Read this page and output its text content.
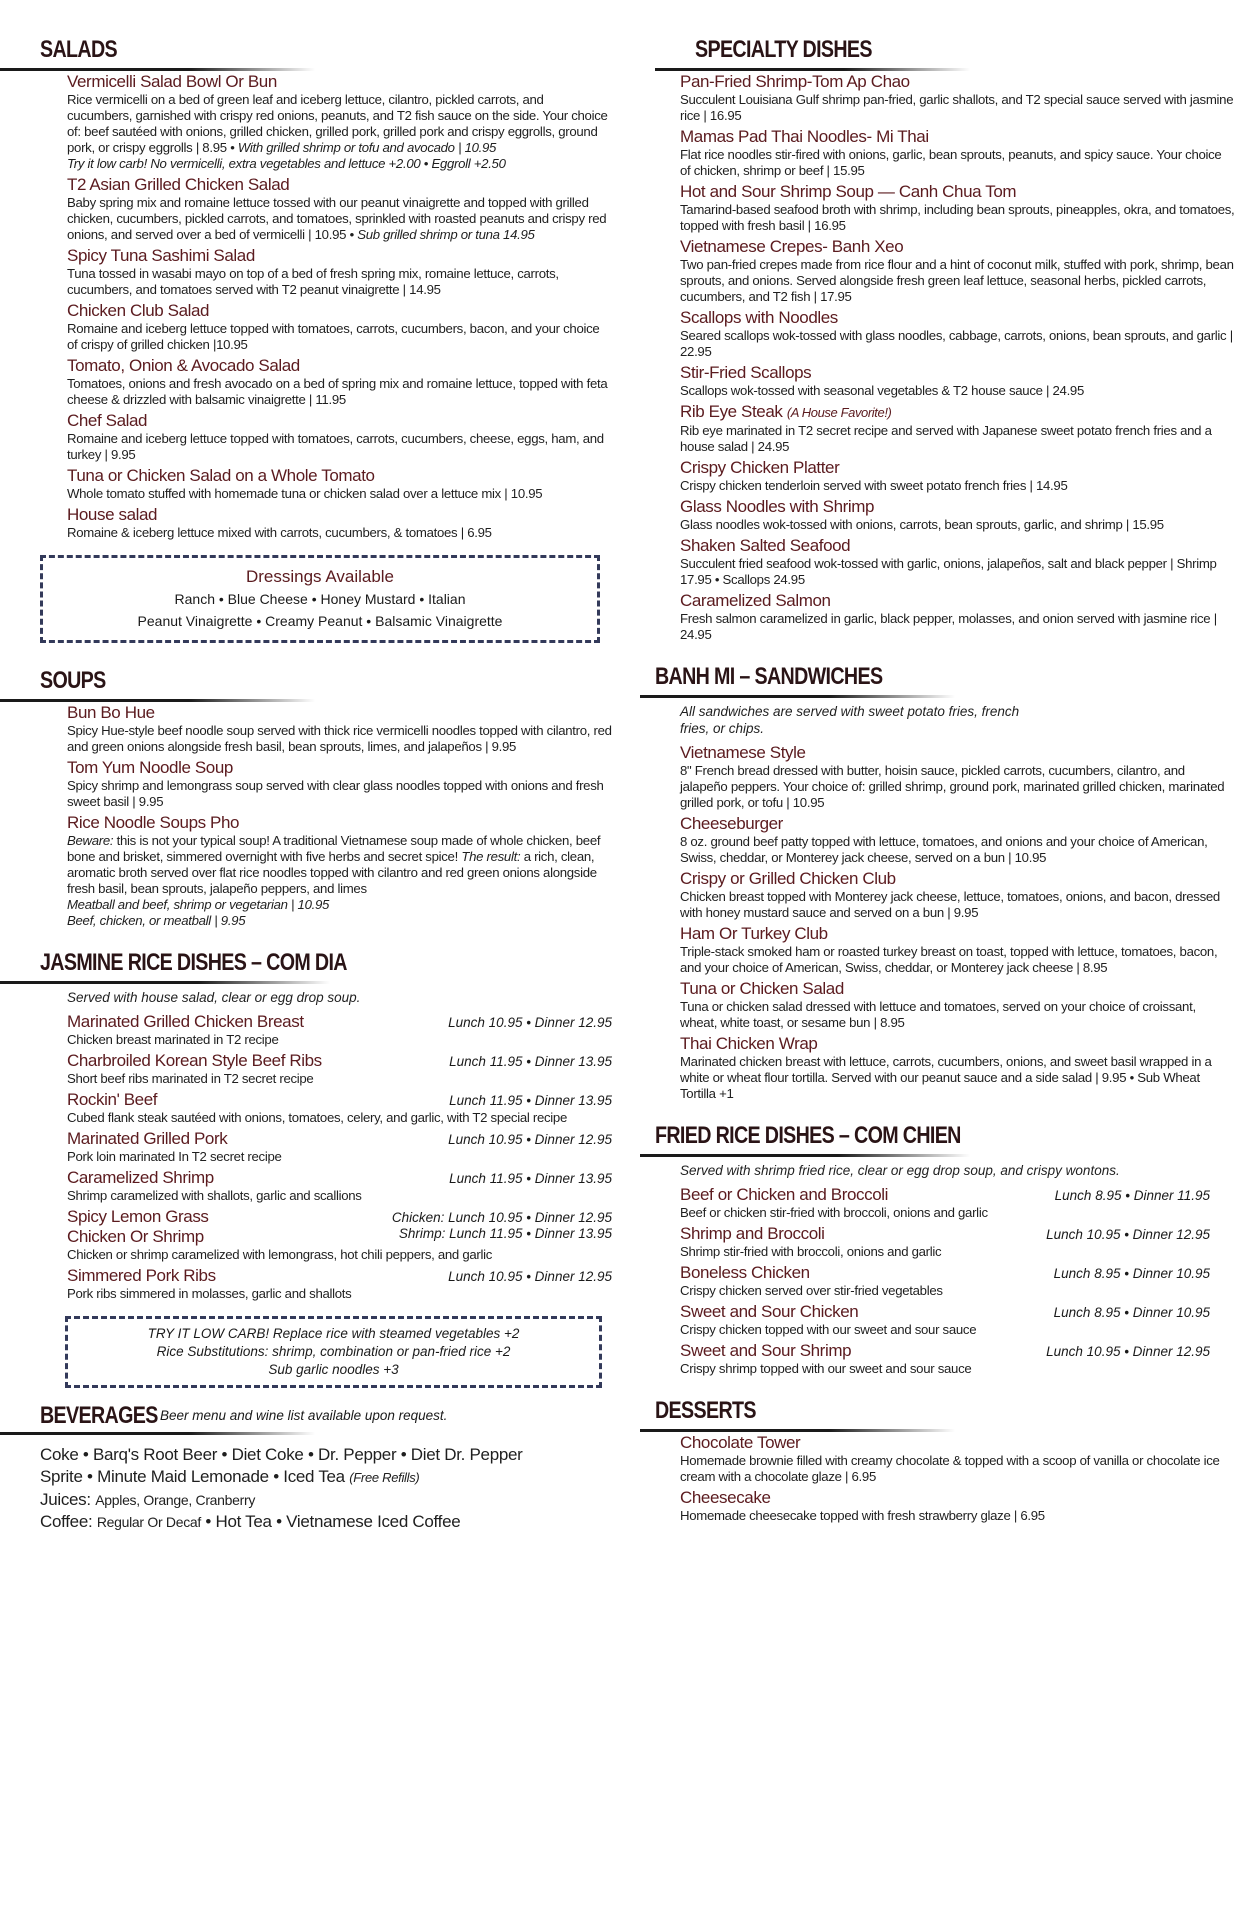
SALADS
Vermicelli Salad Bowl Or Bun
Rice vermicelli on a bed of green leaf and iceberg lettuce, cilantro, pickled carrots, and cucumbers, garnished with crispy red onions, peanuts, and T2 fish sauce on the side. Your choice of: beef sautéed with onions, grilled chicken, grilled pork, grilled pork and crispy eggrolls, ground pork, or crispy eggrolls | 8.95 • With grilled shrimp or tofu and avocado | 10.95
Try it low carb! No vermicelli, extra vegetables and lettuce +2.00 • Eggroll +2.50
T2 Asian Grilled Chicken Salad
Baby spring mix and romaine lettuce tossed with our peanut vinaigrette and topped with grilled chicken, cucumbers, pickled carrots, and tomatoes, sprinkled with roasted peanuts and crispy red onions, and served over a bed of vermicelli | 10.95 • Sub grilled shrimp or tuna 14.95
Spicy Tuna Sashimi Salad
Tuna tossed in wasabi mayo on top of a bed of fresh spring mix, romaine lettuce, carrots, cucumbers, and tomatoes served with T2 peanut vinaigrette | 14.95
Chicken Club Salad
Romaine and iceberg lettuce topped with tomatoes, carrots, cucumbers, bacon, and your choice of crispy of grilled chicken |10.95
Tomato, Onion & Avocado Salad
Tomatoes, onions and fresh avocado on a bed of spring mix and romaine lettuce, topped with feta cheese & drizzled with balsamic vinaigrette | 11.95
Chef Salad
Romaine and iceberg lettuce topped with tomatoes, carrots, cucumbers, cheese, eggs, ham, and turkey | 9.95
Tuna or Chicken Salad on a Whole Tomato
Whole tomato stuffed with homemade tuna or chicken salad over a lettuce mix | 10.95
House salad
Romaine & iceberg lettuce mixed with carrots, cucumbers, & tomatoes | 6.95
Dressings Available
Ranch • Blue Cheese • Honey Mustard • Italian
Peanut Vinaigrette • Creamy Peanut • Balsamic Vinaigrette
SOUPS
Bun Bo Hue
Spicy Hue-style beef noodle soup served with thick rice vermicelli noodles topped with cilantro, red and green onions alongside fresh basil, bean sprouts, limes, and jalapeños | 9.95
Tom Yum Noodle Soup
Spicy shrimp and lemongrass soup served with clear glass noodles topped with onions and fresh sweet basil | 9.95
Rice Noodle Soups Pho
Beware: this is not your typical soup! A traditional Vietnamese soup made of whole chicken, beef bone and brisket, simmered overnight with five herbs and secret spice! The result: a rich, clean, aromatic broth served over flat rice noodles topped with cilantro and red green onions alongside fresh basil, bean sprouts, jalapeño peppers, and limes
Meatball and beef, shrimp or vegetarian | 10.95
Beef, chicken, or meatball | 9.95
JASMINE RICE DISHES – COM DIA
Served with house salad, clear or egg drop soup.
Marinated Grilled Chicken Breast	Lunch 10.95 • Dinner 12.95
Chicken breast marinated in T2 recipe
Charbroiled Korean Style Beef Ribs	Lunch 11.95 • Dinner 13.95
Short beef ribs marinated in T2 secret recipe
Rockin' Beef	Lunch 11.95 • Dinner 13.95
Cubed flank steak sautéed with onions, tomatoes, celery, and garlic, with T2 special recipe
Marinated Grilled Pork	Lunch 10.95 • Dinner 12.95
Pork loin marinated In T2 secret recipe
Caramelized Shrimp	Lunch 11.95 • Dinner 13.95
Shrimp caramelized with shallots, garlic and scallions
Spicy Lemon Grass
Chicken Or Shrimp
Chicken: Lunch 10.95 • Dinner 12.95
Shrimp: Lunch 11.95 • Dinner 13.95
Chicken or shrimp caramelized with lemongrass, hot chili peppers, and garlic
Simmered Pork Ribs	Lunch 10.95 • Dinner 12.95
Pork ribs simmered in molasses, garlic and shallots
TRY IT LOW CARB! Replace rice with steamed vegetables +2
Rice Substitutions: shrimp, combination or pan-fried rice +2
Sub garlic noodles +3
BEVERAGES Beer menu and wine list available upon request.
Coke • Barq's Root Beer • Diet Coke • Dr. Pepper • Diet Dr. Pepper
Sprite • Minute Maid Lemonade • Iced Tea (Free Refills)
Juices: Apples, Orange, Cranberry
Coffee: Regular Or Decaf • Hot Tea • Vietnamese Iced Coffee
SPECIALTY DISHES
Pan-Fried Shrimp-Tom Ap Chao
Succulent Louisiana Gulf shrimp pan-fried, garlic shallots, and T2 special sauce served with jasmine rice | 16.95
Mamas Pad Thai Noodles- Mi Thai
Flat rice noodles stir-fired with onions, garlic, bean sprouts, peanuts, and spicy sauce. Your choice of chicken, shrimp or beef | 15.95
Hot and Sour Shrimp Soup — Canh Chua Tom
Tamarind-based seafood broth with shrimp, including bean sprouts, pineapples, okra, and tomatoes, topped with fresh basil | 16.95
Vietnamese Crepes- Banh Xeo
Two pan-fried crepes made from rice flour and a hint of coconut milk, stuffed with pork, shrimp, bean sprouts, and onions. Served alongside fresh green leaf lettuce, seasonal herbs, pickled carrots, cucumbers, and T2 fish | 17.95
Scallops with Noodles
Seared scallops wok-tossed with glass noodles, cabbage, carrots, onions, bean sprouts, and garlic | 22.95
Stir-Fried Scallops
Scallops wok-tossed with seasonal vegetables & T2 house sauce | 24.95
Rib Eye Steak (A House Favorite!)
Rib eye marinated in T2 secret recipe and served with Japanese sweet potato french fries and a house salad | 24.95
Crispy Chicken Platter
Crispy chicken tenderloin served with sweet potato french fries | 14.95
Glass Noodles with Shrimp
Glass noodles wok-tossed with onions, carrots, bean sprouts, garlic, and shrimp | 15.95
Shaken Salted Seafood
Succulent fried seafood wok-tossed with garlic, onions, jalapeños, salt and black pepper | Shrimp 17.95 • Scallops 24.95
Caramelized Salmon
Fresh salmon caramelized in garlic, black pepper, molasses, and onion served with jasmine rice | 24.95
BANH MI – SANDWICHES
All sandwiches are served with sweet potato fries, french fries, or chips.
Vietnamese Style
8" French bread dressed with butter, hoisin sauce, pickled carrots, cucumbers, cilantro, and jalapeño peppers. Your choice of: grilled shrimp, ground pork, marinated grilled chicken, marinated grilled pork, or tofu | 10.95
Cheeseburger
8 oz. ground beef patty topped with lettuce, tomatoes, and onions and your choice of American, Swiss, cheddar, or Monterey jack cheese, served on a bun | 10.95
Crispy or Grilled Chicken Club
Chicken breast topped with Monterey jack cheese, lettuce, tomatoes, onions, and bacon, dressed with honey mustard sauce and served on a bun | 9.95
Ham Or Turkey Club
Triple-stack smoked ham or roasted turkey breast on toast, topped with lettuce, tomatoes, bacon, and your choice of American, Swiss, cheddar, or Monterey jack cheese | 8.95
Tuna or Chicken Salad
Tuna or chicken salad dressed with lettuce and tomatoes, served on your choice of croissant, wheat, white toast, or sesame bun | 8.95
Thai Chicken Wrap
Marinated chicken breast with lettuce, carrots, cucumbers, onions, and sweet basil wrapped in a white or wheat flour tortilla. Served with our peanut sauce and a side salad | 9.95 • Sub Wheat Tortilla +1
FRIED RICE DISHES – COM CHIEN
Served with shrimp fried rice, clear or egg drop soup, and crispy wontons.
Beef or Chicken and Broccoli	Lunch 8.95 • Dinner 11.95
Beef or chicken stir-fried with broccoli, onions and garlic
Shrimp and Broccoli	Lunch 10.95 • Dinner 12.95
Shrimp stir-fried with broccoli, onions and garlic
Boneless Chicken	Lunch 8.95 • Dinner 10.95
Crispy chicken served over stir-fried vegetables
Sweet and Sour Chicken	Lunch 8.95 • Dinner 10.95
Crispy chicken topped with our sweet and sour sauce
Sweet and Sour Shrimp	Lunch 10.95 • Dinner 12.95
Crispy shrimp topped with our sweet and sour sauce
DESSERTS
Chocolate Tower
Homemade brownie filled with creamy chocolate & topped with a scoop of vanilla or chocolate ice cream with a chocolate glaze | 6.95
Cheesecake
Homemade cheesecake topped with fresh strawberry glaze | 6.95
